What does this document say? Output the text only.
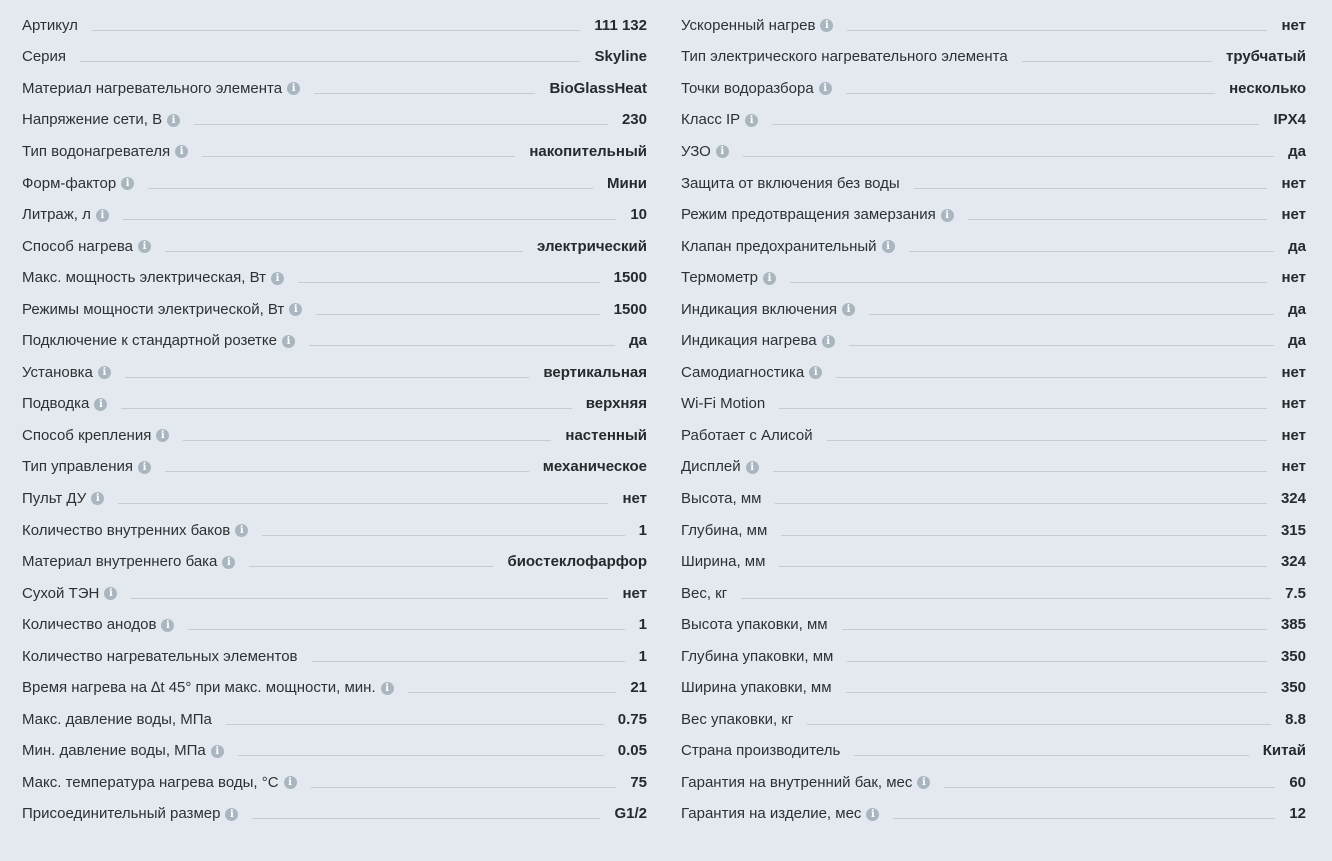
Артикул	111 132
Серия	Skyline
Материал нагревательного элемента i	BioGlassHeat
Напряжение сети, В i	230
Тип водонагревателя i	накопительный
Форм-фактор i	Мини
Литраж, л i	10
Способ нагрева i	электрический
Макс. мощность электрическая, Вт i	1500
Режимы мощности электрической, Вт i	1500
Подключение к стандартной розетке i	да
Установка i	вертикальная
Подводка i	верхняя
Способ крепления i	настенный
Тип управления i	механическое
Пульт ДУ i	нет
Количество внутренних баков i	1
Материал внутреннего бака i	биостеклофарфор
Сухой ТЭН i	нет
Количество анодов i	1
Количество нагревательных элементов	1
Время нагрева на ∆t 45° при макс. мощности, мин. i	21
Макс. давление воды, МПа	0.75
Мин. давление воды, МПа i	0.05
Макс. температура нагрева воды, °С i	75
Присоединительный размер i	G1/2
Ускоренный нагрев i	нет
Тип электрического нагревательного элемента	трубчатый
Точки водоразбора i	несколько
Класс IP i	IPX4
УЗО i	да
Защита от включения без воды	нет
Режим предотвращения замерзания i	нет
Клапан предохранительный i	да
Термометр i	нет
Индикация включения i	да
Индикация нагрева i	да
Самодиагностика i	нет
Wi-Fi Motion	нет
Работает с Алисой	нет
Дисплей i	нет
Высота, мм	324
Глубина, мм	315
Ширина, мм	324
Вес, кг	7.5
Высота упаковки, мм	385
Глубина упаковки, мм	350
Ширина упаковки, мм	350
Вес упаковки, кг	8.8
Страна производитель	Китай
Гарантия на внутренний бак, мес i	60
Гарантия на изделие, мес i	12
